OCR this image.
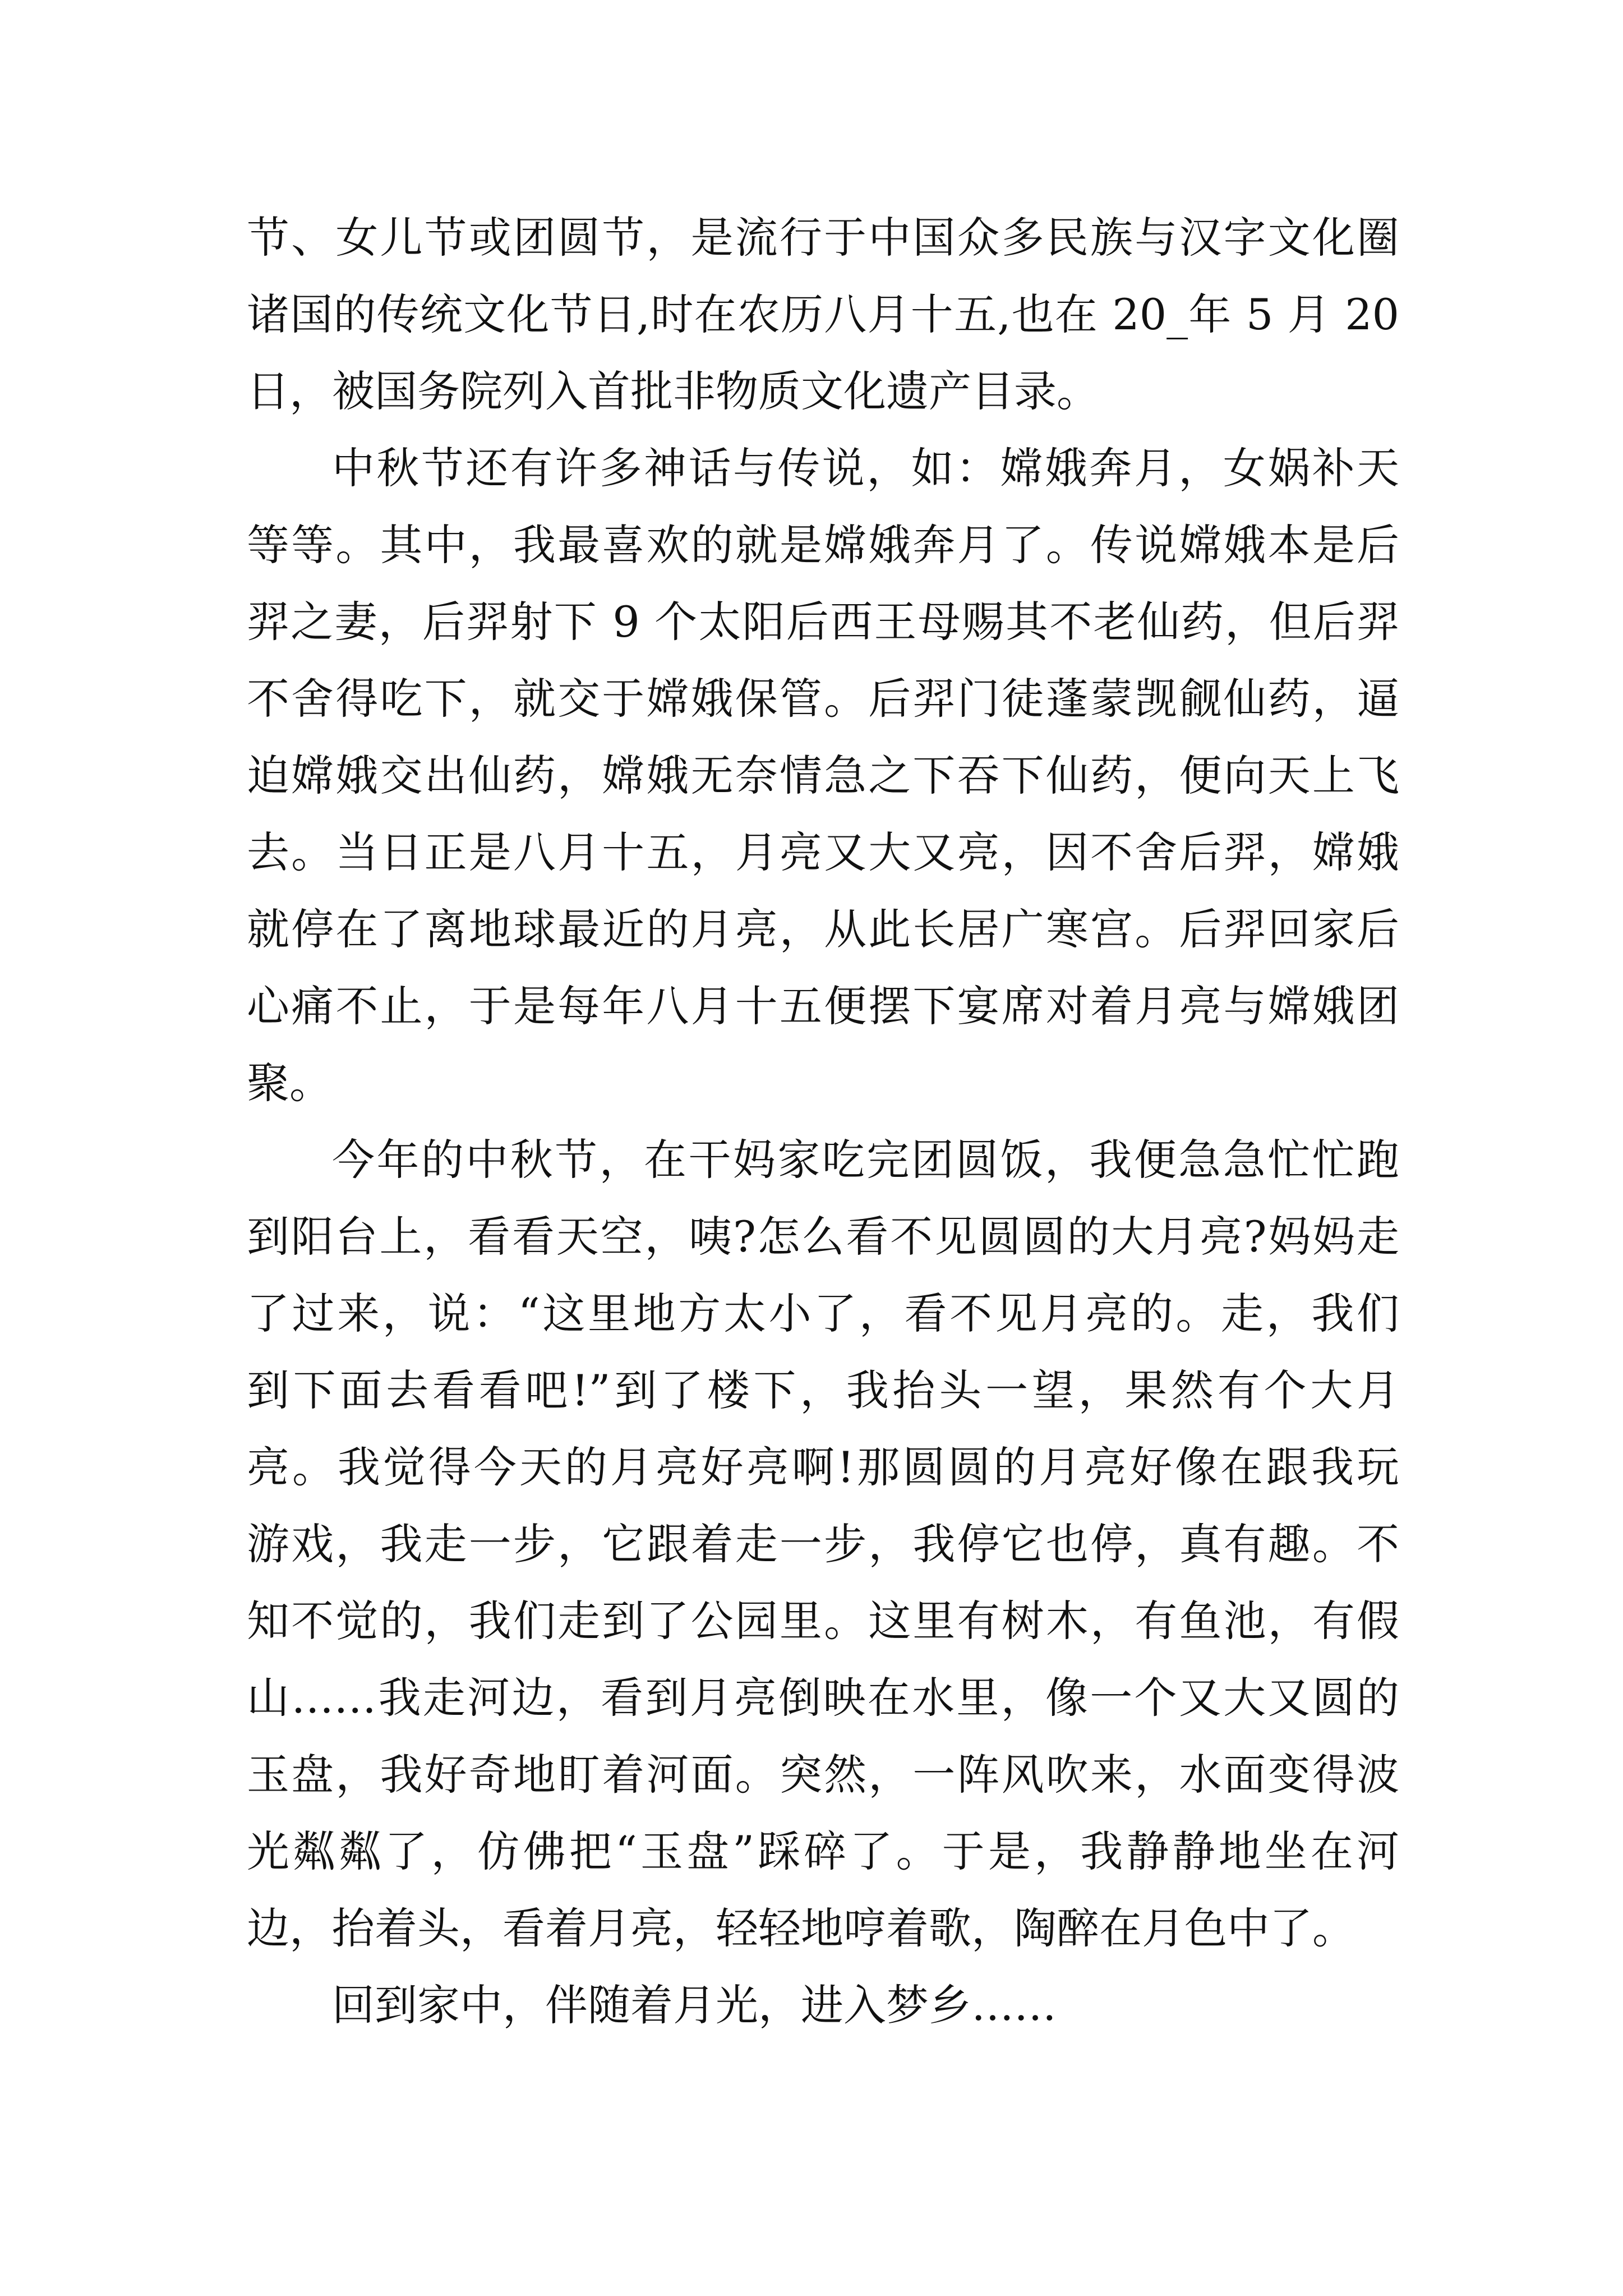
节、女儿节或团圆节，是流行于中国众多民族与汉字文化圈
诸国的传统文化节日,时在农历八月十五,也在 20_年 5 月 20
日，被国务院列入首批非物质文化遗产目录。

中秋节还有许多神话与传说，如：嫦娥奔月，女娲补天
等等。其中，我最喜欢的就是嫦娥奔月了。传说嫦娥本是后
羿之妻，后羿射下 9 个太阳后西王母赐其不老仙药，但后羿
不舍得吃下，就交于嫦娥保管。后羿门徒蓬蒙觊觎仙药，逼
迫嫦娥交出仙药，嫦娥无奈情急之下吞下仙药，便向天上飞
去。当日正是八月十五，月亮又大又亮，因不舍后羿，嫦娥
就停在了离地球最近的月亮，从此长居广寒宫。后羿回家后
心痛不止，于是每年八月十五便摆下宴席对着月亮与嫦娥团
聚。

今年的中秋节，在干妈家吃完团圆饭，我便急急忙忙跑
到阳台上，看看天空，咦?怎么看不见圆圆的大月亮?妈妈走
了过来，说：“这里地方太小了，看不见月亮的。走，我们
到下面去看看吧!”到了楼下，我抬头一望，果然有个大月
亮。我觉得今天的月亮好亮啊!那圆圆的月亮好像在跟我玩
游戏，我走一步，它跟着走一步，我停它也停，真有趣。不
知不觉的，我们走到了公园里。这里有树木，有鱼池，有假
山……我走河边，看到月亮倒映在水里，像一个又大又圆的
玉盘，我好奇地盯着河面。突然，一阵风吹来，水面变得波
光粼粼了，仿佛把“玉盘”踩碎了。于是，我静静地坐在河
边，抬着头，看着月亮，轻轻地哼着歌，陶醉在月色中了。

回到家中，伴随着月光，进入梦乡……
